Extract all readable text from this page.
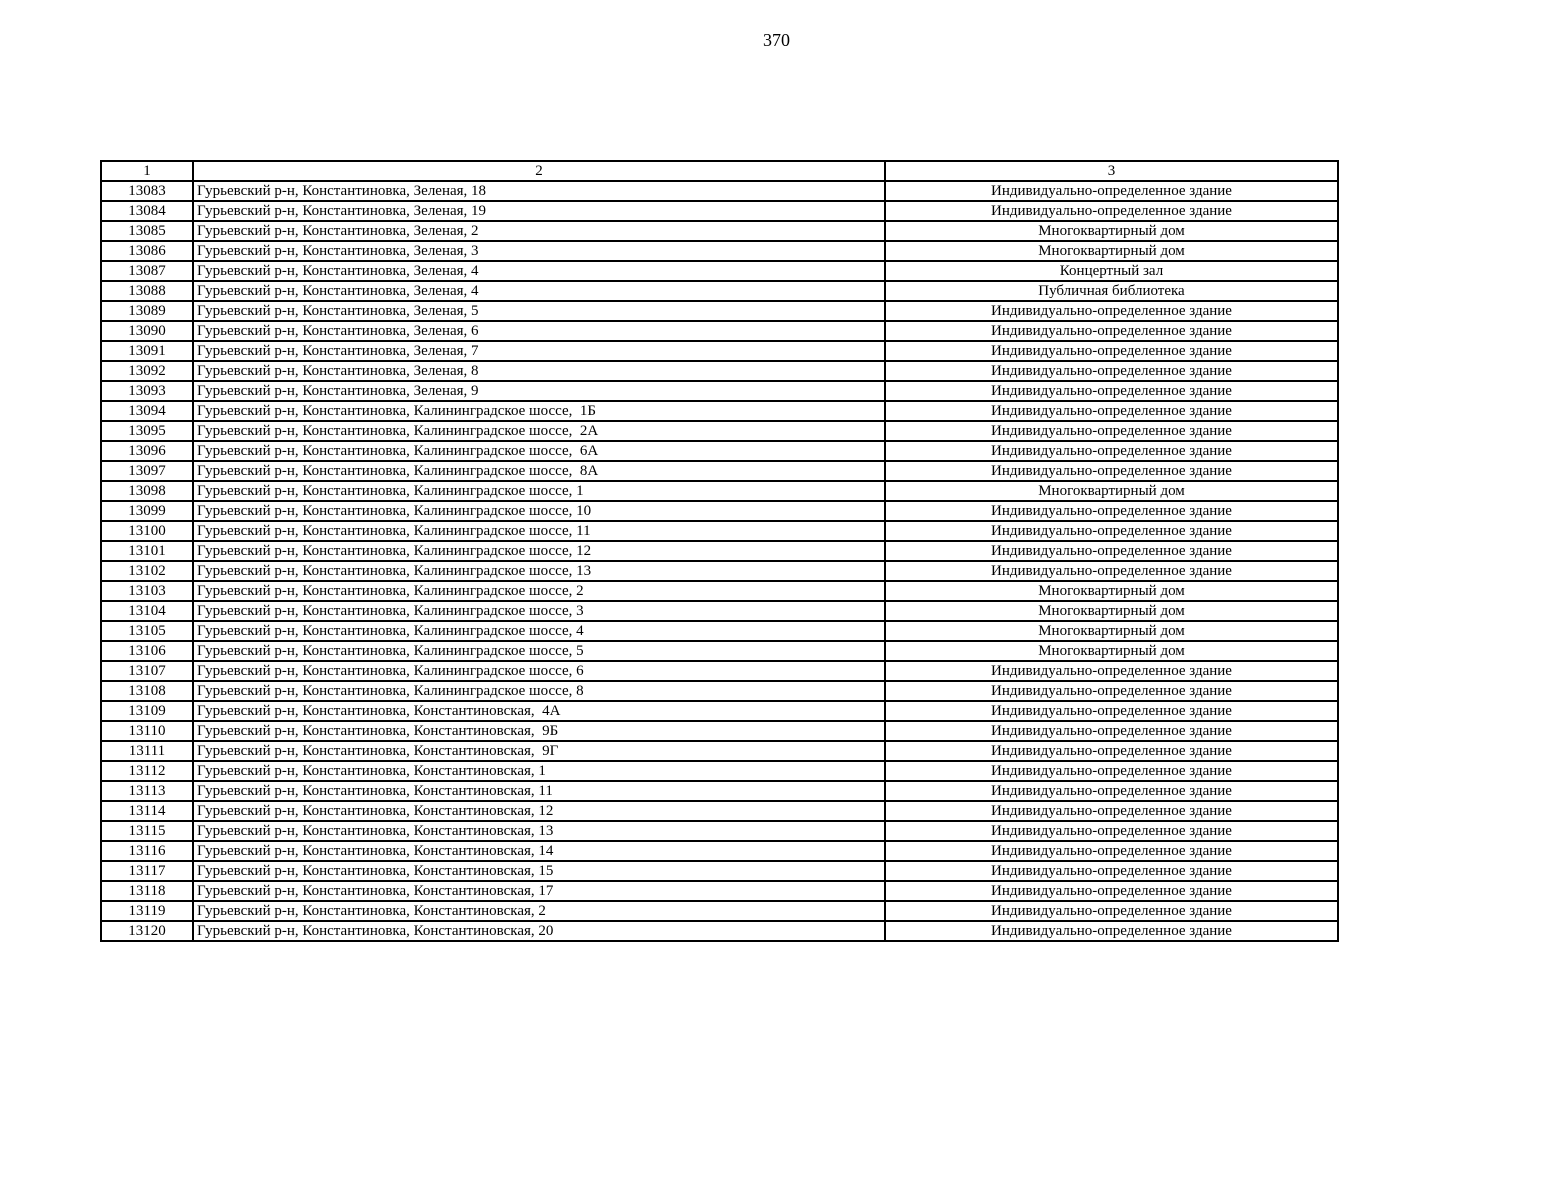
370
1	2	3
13083	Гурьевский р-н, Константиновка, Зеленая, 18	Индивидуально-определенное здание
13084	Гурьевский р-н, Константиновка, Зеленая, 19	Индивидуально-определенное здание
13085	Гурьевский р-н, Константиновка, Зеленая, 2	Многоквартирный дом
13086	Гурьевский р-н, Константиновка, Зеленая, 3	Многоквартирный дом
13087	Гурьевский р-н, Константиновка, Зеленая, 4	Концертный зал
13088	Гурьевский р-н, Константиновка, Зеленая, 4	Публичная библиотека
13089	Гурьевский р-н, Константиновка, Зеленая, 5	Индивидуально-определенное здание
13090	Гурьевский р-н, Константиновка, Зеленая, 6	Индивидуально-определенное здание
13091	Гурьевский р-н, Константиновка, Зеленая, 7	Индивидуально-определенное здание
13092	Гурьевский р-н, Константиновка, Зеленая, 8	Индивидуально-определенное здание
13093	Гурьевский р-н, Константиновка, Зеленая, 9	Индивидуально-определенное здание
13094	Гурьевский р-н, Константиновка, Калининградское шоссе,  1Б	Индивидуально-определенное здание
13095	Гурьевский р-н, Константиновка, Калининградское шоссе,  2А	Индивидуально-определенное здание
13096	Гурьевский р-н, Константиновка, Калининградское шоссе,  6А	Индивидуально-определенное здание
13097	Гурьевский р-н, Константиновка, Калининградское шоссе,  8А	Индивидуально-определенное здание
13098	Гурьевский р-н, Константиновка, Калининградское шоссе, 1	Многоквартирный дом
13099	Гурьевский р-н, Константиновка, Калининградское шоссе, 10	Индивидуально-определенное здание
13100	Гурьевский р-н, Константиновка, Калининградское шоссе, 11	Индивидуально-определенное здание
13101	Гурьевский р-н, Константиновка, Калининградское шоссе, 12	Индивидуально-определенное здание
13102	Гурьевский р-н, Константиновка, Калининградское шоссе, 13	Индивидуально-определенное здание
13103	Гурьевский р-н, Константиновка, Калининградское шоссе, 2	Многоквартирный дом
13104	Гурьевский р-н, Константиновка, Калининградское шоссе, 3	Многоквартирный дом
13105	Гурьевский р-н, Константиновка, Калининградское шоссе, 4	Многоквартирный дом
13106	Гурьевский р-н, Константиновка, Калининградское шоссе, 5	Многоквартирный дом
13107	Гурьевский р-н, Константиновка, Калининградское шоссе, 6	Индивидуально-определенное здание
13108	Гурьевский р-н, Константиновка, Калининградское шоссе, 8	Индивидуально-определенное здание
13109	Гурьевский р-н, Константиновка, Константиновская,  4А	Индивидуально-определенное здание
13110	Гурьевский р-н, Константиновка, Константиновская,  9Б	Индивидуально-определенное здание
13111	Гурьевский р-н, Константиновка, Константиновская,  9Г	Индивидуально-определенное здание
13112	Гурьевский р-н, Константиновка, Константиновская, 1	Индивидуально-определенное здание
13113	Гурьевский р-н, Константиновка, Константиновская, 11	Индивидуально-определенное здание
13114	Гурьевский р-н, Константиновка, Константиновская, 12	Индивидуально-определенное здание
13115	Гурьевский р-н, Константиновка, Константиновская, 13	Индивидуально-определенное здание
13116	Гурьевский р-н, Константиновка, Константиновская, 14	Индивидуально-определенное здание
13117	Гурьевский р-н, Константиновка, Константиновская, 15	Индивидуально-определенное здание
13118	Гурьевский р-н, Константиновка, Константиновская, 17	Индивидуально-определенное здание
13119	Гурьевский р-н, Константиновка, Константиновская, 2	Индивидуально-определенное здание
13120	Гурьевский р-н, Константиновка, Константиновская, 20	Индивидуально-определенное здание
